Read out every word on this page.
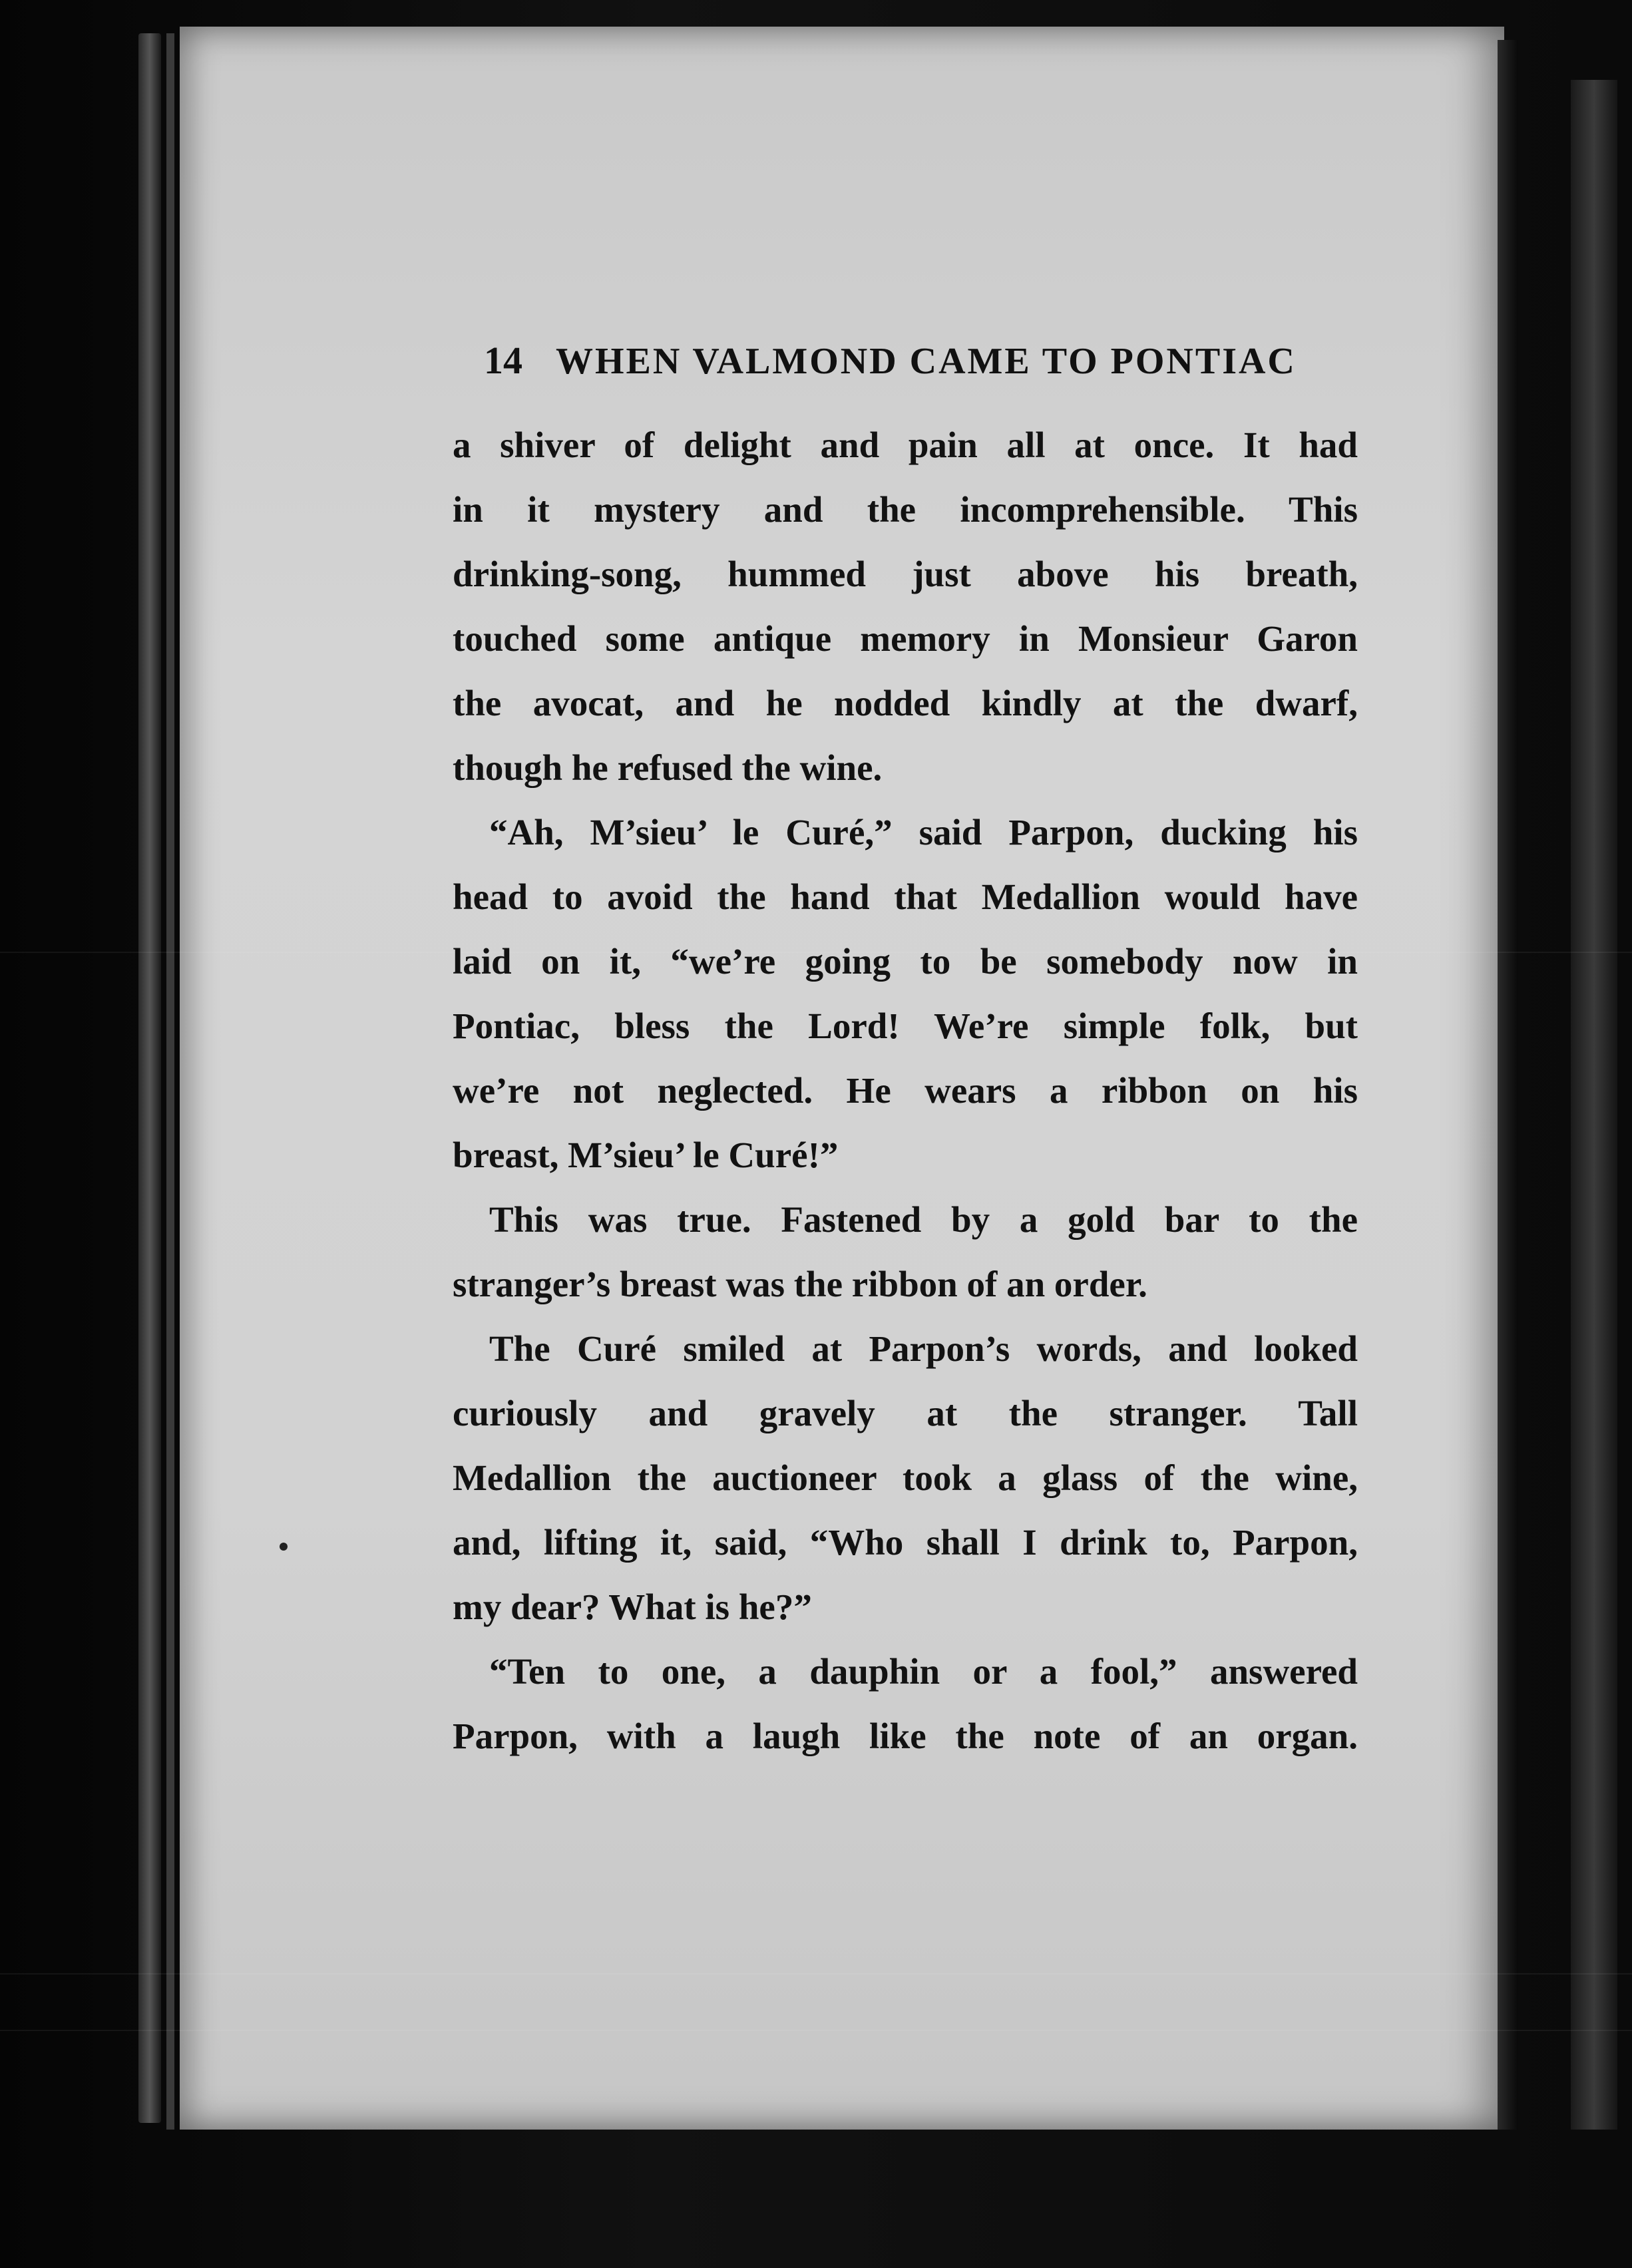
14 WHEN VALMOND CAME TO PONTIAC

a shiver of delight and pain all at once. It had
in it mystery and the incomprehensible. This
drinking-song, hummed just above his breath,
touched some antique memory in Monsieur Garon
the avocat, and he nodded kindly at the dwarf,
though he refused the wine.

“Ah, M’sieu’ le Curé,” said Parpon, ducking his
head to avoid the hand that Medallion would have
laid on it, “we’re going to be somebody now in
Pontiac, bless the Lord! We’re simple folk, but
we’re not neglected. He wears a ribbon on his
breast, M’sieu’ le Curé!”

This was true. Fastened by a gold bar to the
stranger’s breast was the ribbon of an order.

The Curé smiled at Parpon’s words, and looked
curiously and gravely at the stranger. Tall
Medallion the auctioneer took a glass of the wine,
and, lifting it, said, “Who shall I drink to, Parpon,
my dear? What is he?”

“Ten to one, a dauphin or a fool,” answered
Parpon, with a laugh like the note of an organ.
